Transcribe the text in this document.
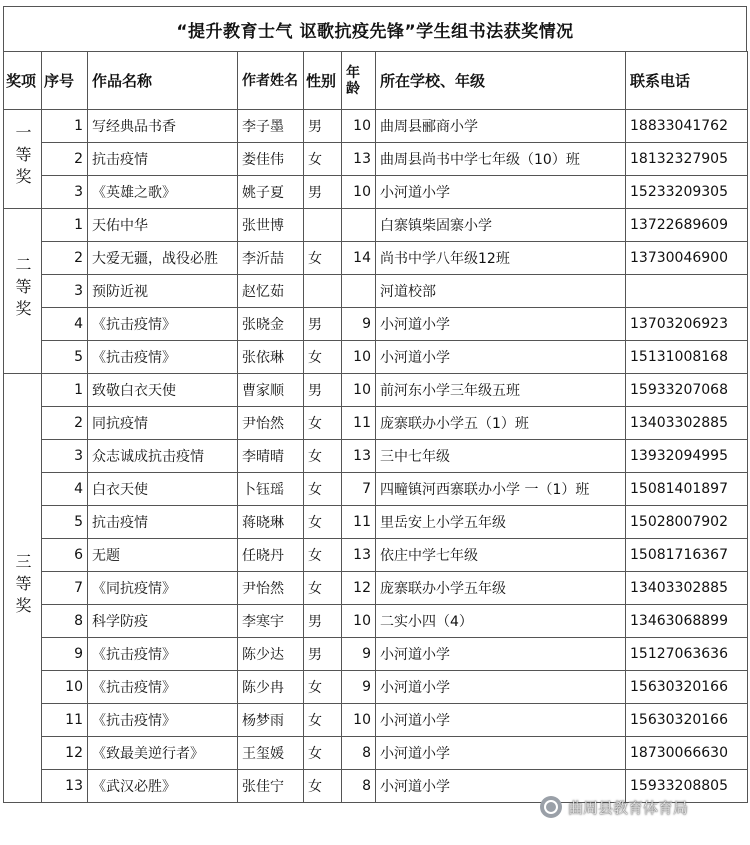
“提升教育士气 讴歌抗疫先锋”学生组书法获奖情况
奖项	序号	作品名称	作者姓名	性别	年龄	所在学校、年级	联系电话
一等奖	1	写经典品书香	李子墨	男	10	曲周县郦商小学	18833041762
	2	抗击疫情	娄佳伟	女	13	曲周县尚书中学七年级（10）班	18132327905
	3	《英雄之歌》	姚子夏	男	10	小河道小学	15233209305
二等奖	1	天佑中华	张世博			白寨镇柴固寨小学	13722689609
	2	大爱无疆，战役必胜	李沂喆	女	14	尚书中学八年级12班	13730046900
	3	预防近视	赵忆茹			河道校部	
	4	《抗击疫情》	张晓金	男	9	小河道小学	13703206923
	5	《抗击疫情》	张依琳	女	10	小河道小学	15131008168
三等奖	1	致敬白衣天使	曹家顺	男	10	前河东小学三年级五班	15933207068
	2	同抗疫情	尹怡然	女	11	庞寨联办小学五（1）班	13403302885
	3	众志诚成抗击疫情	李晴晴	女	13	三中七年级	13932094995
	4	白衣天使	卜钰瑶	女	7	四疃镇河西寨联办小学 一（1）班	15081401897
	5	抗击疫情	蒋晓琳	女	11	里岳安上小学五年级	15028007902
	6	无题	任晓丹	女	13	依庄中学七年级	15081716367
	7	《同抗疫情》	尹怡然	女	12	庞寨联办小学五年级	13403302885
	8	科学防疫	李寒宇	男	10	二实小四（4）	13463068899
	9	《抗击疫情》	陈少达	男	9	小河道小学	15127063636
	10	《抗击疫情》	陈少冉	女	9	小河道小学	15630320166
	11	《抗击疫情》	杨梦雨	女	10	小河道小学	15630320166
	12	《致最美逆行者》	王玺媛	女	8	小河道小学	18730066630
	13	《武汉必胜》	张佳宁	女	8	小河道小学	15933208805
曲周县教育体育局
